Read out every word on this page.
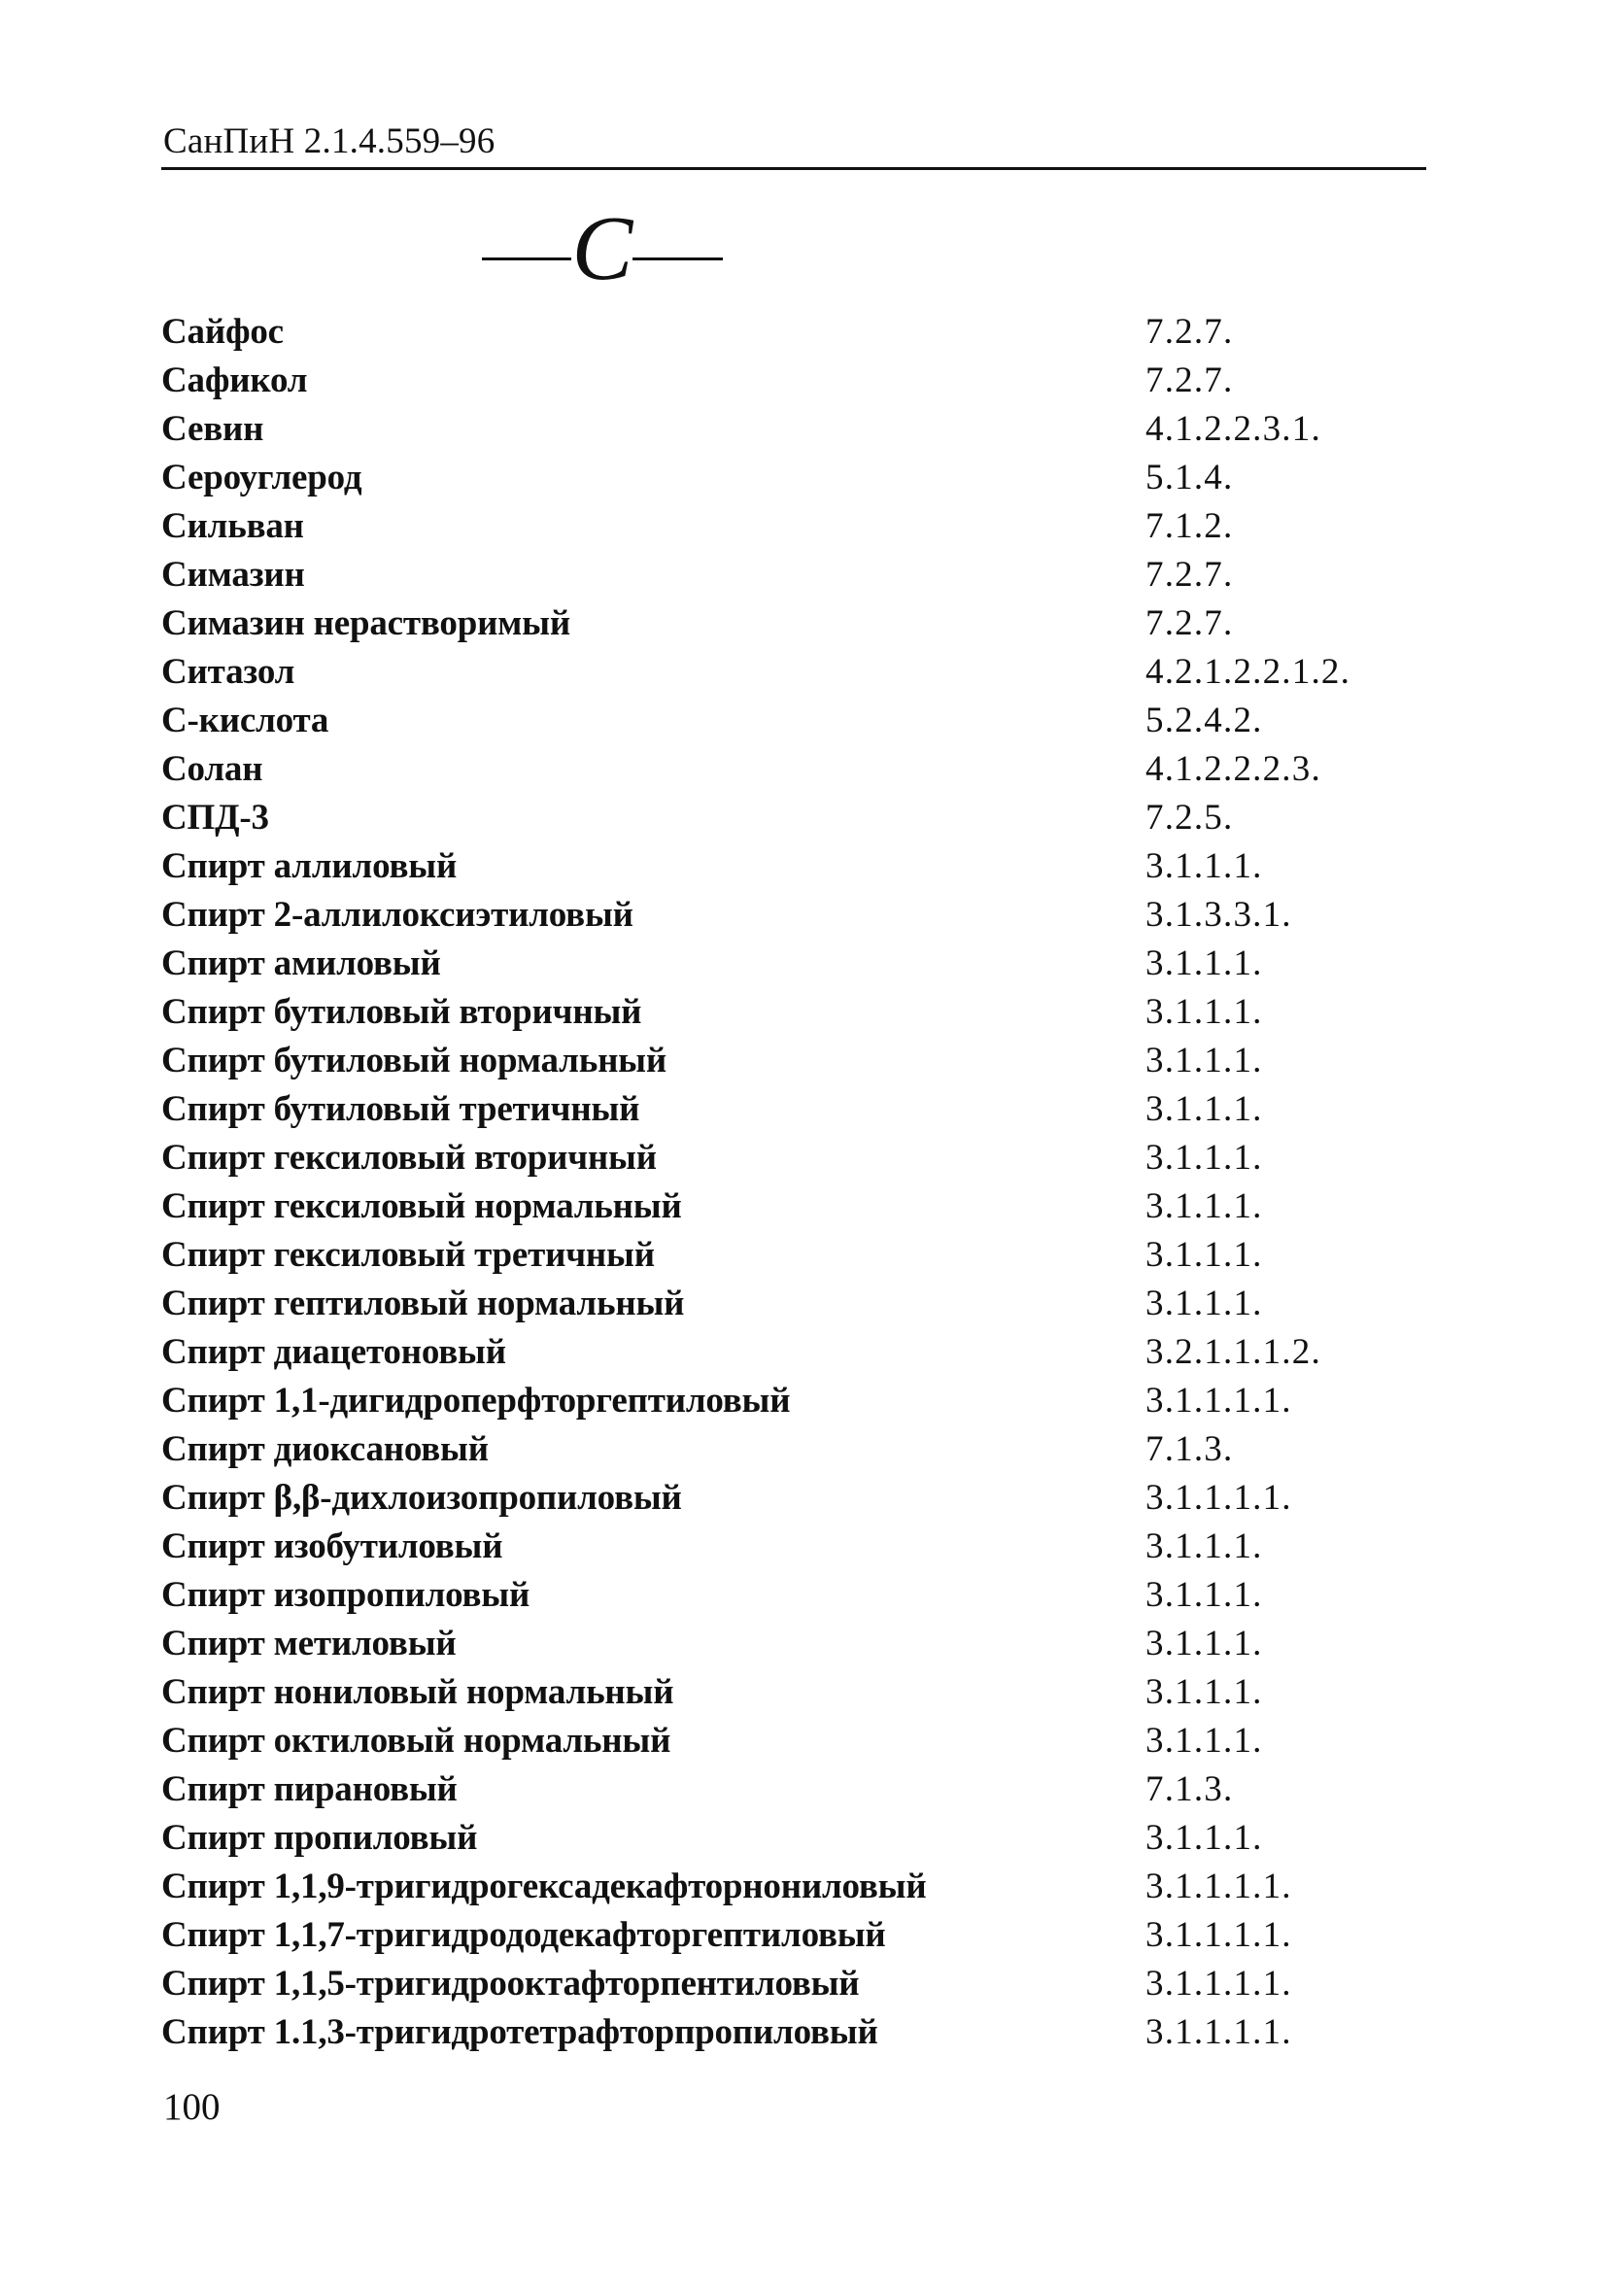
СанПиН 2.1.4.559–96
С
Сайфос	7.2.7.
Сафикол	7.2.7.
Севин	4.1.2.2.3.1.
Сероуглерод	5.1.4.
Сильван	7.1.2.
Симазин	7.2.7.
Симазин нерастворимый	7.2.7.
Ситазол	4.2.1.2.2.1.2.
С-кислота	5.2.4.2.
Солан	4.1.2.2.2.3.
СПД-3	7.2.5.
Спирт аллиловый	3.1.1.1.
Спирт 2-аллилоксиэтиловый	3.1.3.3.1.
Спирт амиловый	3.1.1.1.
Спирт бутиловый вторичный	3.1.1.1.
Спирт бутиловый нормальный	3.1.1.1.
Спирт бутиловый третичный	3.1.1.1.
Спирт гексиловый вторичный	3.1.1.1.
Спирт гексиловый нормальный	3.1.1.1.
Спирт гексиловый третичный	3.1.1.1.
Спирт гептиловый нормальный	3.1.1.1.
Спирт диацетоновый	3.2.1.1.1.2.
Спирт 1,1-дигидроперфторгептиловый	3.1.1.1.1.
Спирт диоксановый	7.1.3.
Спирт β,β-дихлоизопропиловый	3.1.1.1.1.
Спирт изобутиловый	3.1.1.1.
Спирт изопропиловый	3.1.1.1.
Спирт метиловый	3.1.1.1.
Спирт нониловый нормальный	3.1.1.1.
Спирт октиловый нормальный	3.1.1.1.
Спирт пирановый	7.1.3.
Спирт пропиловый	3.1.1.1.
Спирт 1,1,9-тригидрогексадекафторнониловый	3.1.1.1.1.
Спирт 1,1,7-тригидрододекафторгептиловый	3.1.1.1.1.
Спирт 1,1,5-тригидрооктафторпентиловый	3.1.1.1.1.
Спирт 1.1,3-тригидротетрафторпропиловый	3.1.1.1.1.
100
